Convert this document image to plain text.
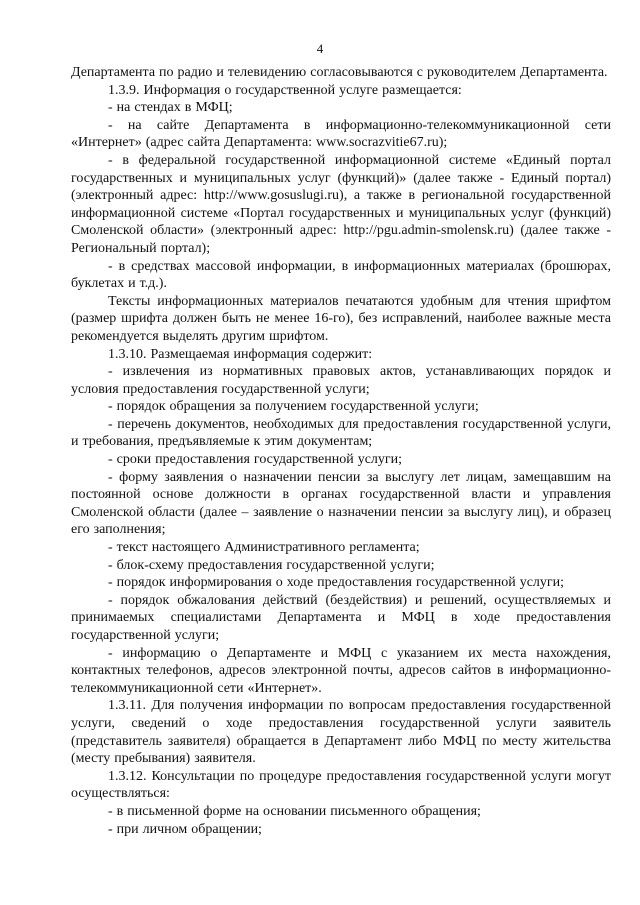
4

Департамента по радио и телевидению согласовываются с руководителем Департамента.

1.3.9. Информация о государственной услуге размещается:

- на стендах в МФЦ;

- на сайте Департамента в информационно-телекоммуникационной сети «Интернет» (адрес сайта Департамента: www.socrazvitie67.ru);

- в федеральной государственной информационной системе «Единый портал государственных и муниципальных услуг (функций)» (далее также - Единый портал) (электронный адрес: http://www.gosuslugi.ru), а также в региональной государственной информационной системе «Портал государственных и муниципальных услуг (функций) Смоленской области» (электронный адрес: http://pgu.admin-smolensk.ru) (далее также - Региональный портал);

- в средствах массовой информации, в информационных материалах (брошюрах, буклетах и т.д.).

Тексты информационных материалов печатаются удобным для чтения шрифтом (размер шрифта должен быть не менее 16-го), без исправлений, наиболее важные места рекомендуется выделять другим шрифтом.

1.3.10. Размещаемая информация содержит:

- извлечения из нормативных правовых актов, устанавливающих порядок и условия предоставления государственной услуги;

- порядок обращения за получением государственной услуги;

- перечень документов, необходимых для предоставления государственной услуги, и требования, предъявляемые к этим документам;

- сроки предоставления государственной услуги;

- форму заявления о назначении пенсии за выслугу лет лицам, замещавшим на постоянной основе должности в органах государственной власти и управления Смоленской области (далее – заявление о назначении пенсии за выслугу лиц), и образец его заполнения;

- текст настоящего Административного регламента;

- блок-схему предоставления государственной услуги;

- порядок информирования о ходе предоставления государственной услуги;

- порядок обжалования действий (бездействия) и решений, осуществляемых и принимаемых специалистами Департамента и МФЦ в ходе предоставления государственной услуги;

- информацию о Департаменте и МФЦ с указанием их места нахождения, контактных телефонов, адресов электронной почты, адресов сайтов в информационно-телекоммуникационной сети «Интернет».

1.3.11. Для получения информации по вопросам предоставления государственной услуги, сведений о ходе предоставления государственной услуги заявитель (представитель заявителя) обращается в Департамент либо МФЦ по месту жительства (месту пребывания) заявителя.

1.3.12. Консультации по процедуре предоставления государственной услуги могут осуществляться:

- в письменной форме на основании письменного обращения;

- при личном обращении;
